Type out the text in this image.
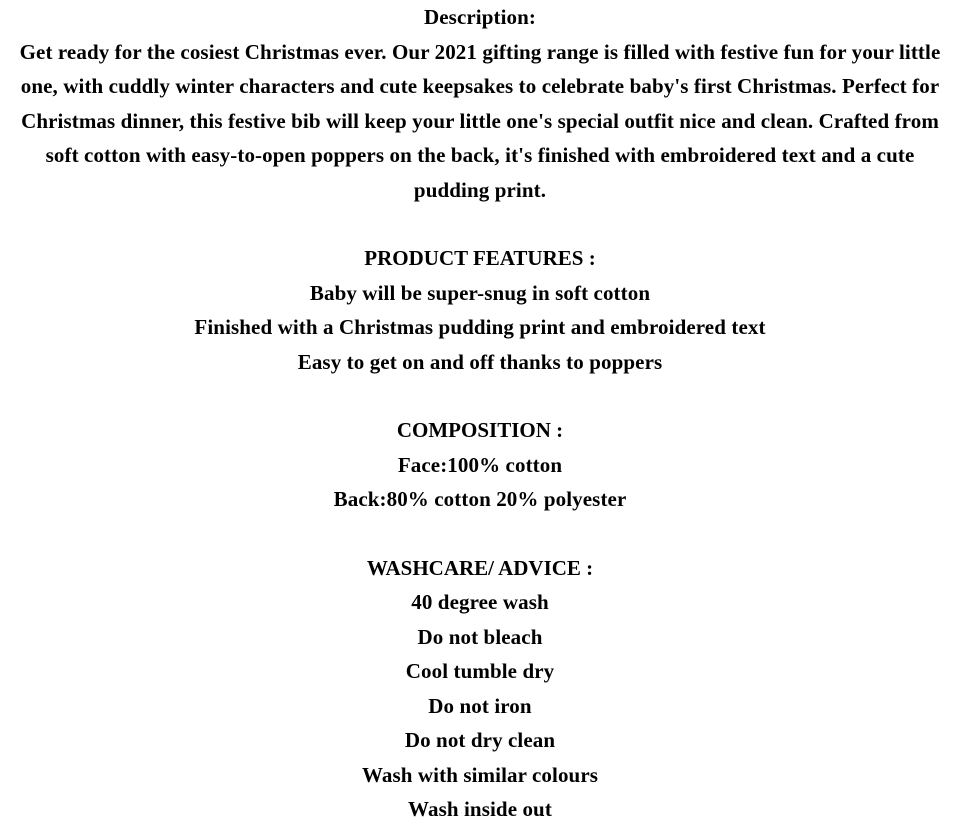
Description:
Get ready for the cosiest Christmas ever. Our 2021 gifting range is filled with festive fun for your little one, with cuddly winter characters and cute keepsakes to celebrate baby's first Christmas. Perfect for Christmas dinner, this festive bib will keep your little one's special outfit nice and clean. Crafted from soft cotton with easy-to-open poppers on the back, it's finished with embroidered text and a cute pudding print.
PRODUCT FEATURES :
Baby will be super-snug in soft cotton
Finished with a Christmas pudding print and embroidered text
Easy to get on and off thanks to poppers
COMPOSITION :
Face:100% cotton
Back:80% cotton 20% polyester
WASHCARE/ ADVICE :
40 degree wash
Do not bleach
Cool tumble dry
Do not iron
Do not dry clean
Wash with similar colours
Wash inside out
